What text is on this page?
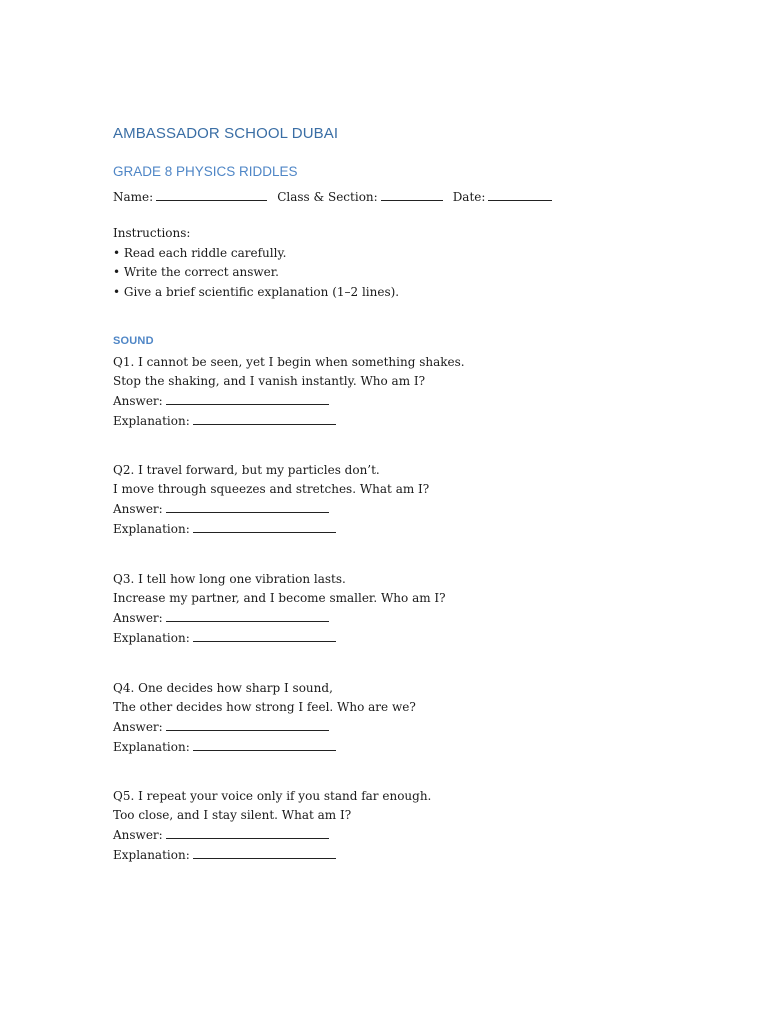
AMBASSADOR SCHOOL DUBAI
GRADE 8 PHYSICS RIDDLES
Name:	Class & Section:	Date:
Instructions:
• Read each riddle carefully.
• Write the correct answer.
• Give a brief scientific explanation (1–2 lines).
SOUND
Q1. I cannot be seen, yet I begin when something shakes.
Stop the shaking, and I vanish instantly. Who am I?
Answer:
Explanation:
Q2. I travel forward, but my particles don’t.
I move through squeezes and stretches. What am I?
Answer:
Explanation:
Q3. I tell how long one vibration lasts.
Increase my partner, and I become smaller. Who am I?
Answer:
Explanation:
Q4. One decides how sharp I sound,
The other decides how strong I feel. Who are we?
Answer:
Explanation:
Q5. I repeat your voice only if you stand far enough.
Too close, and I stay silent. What am I?
Answer:
Explanation:
